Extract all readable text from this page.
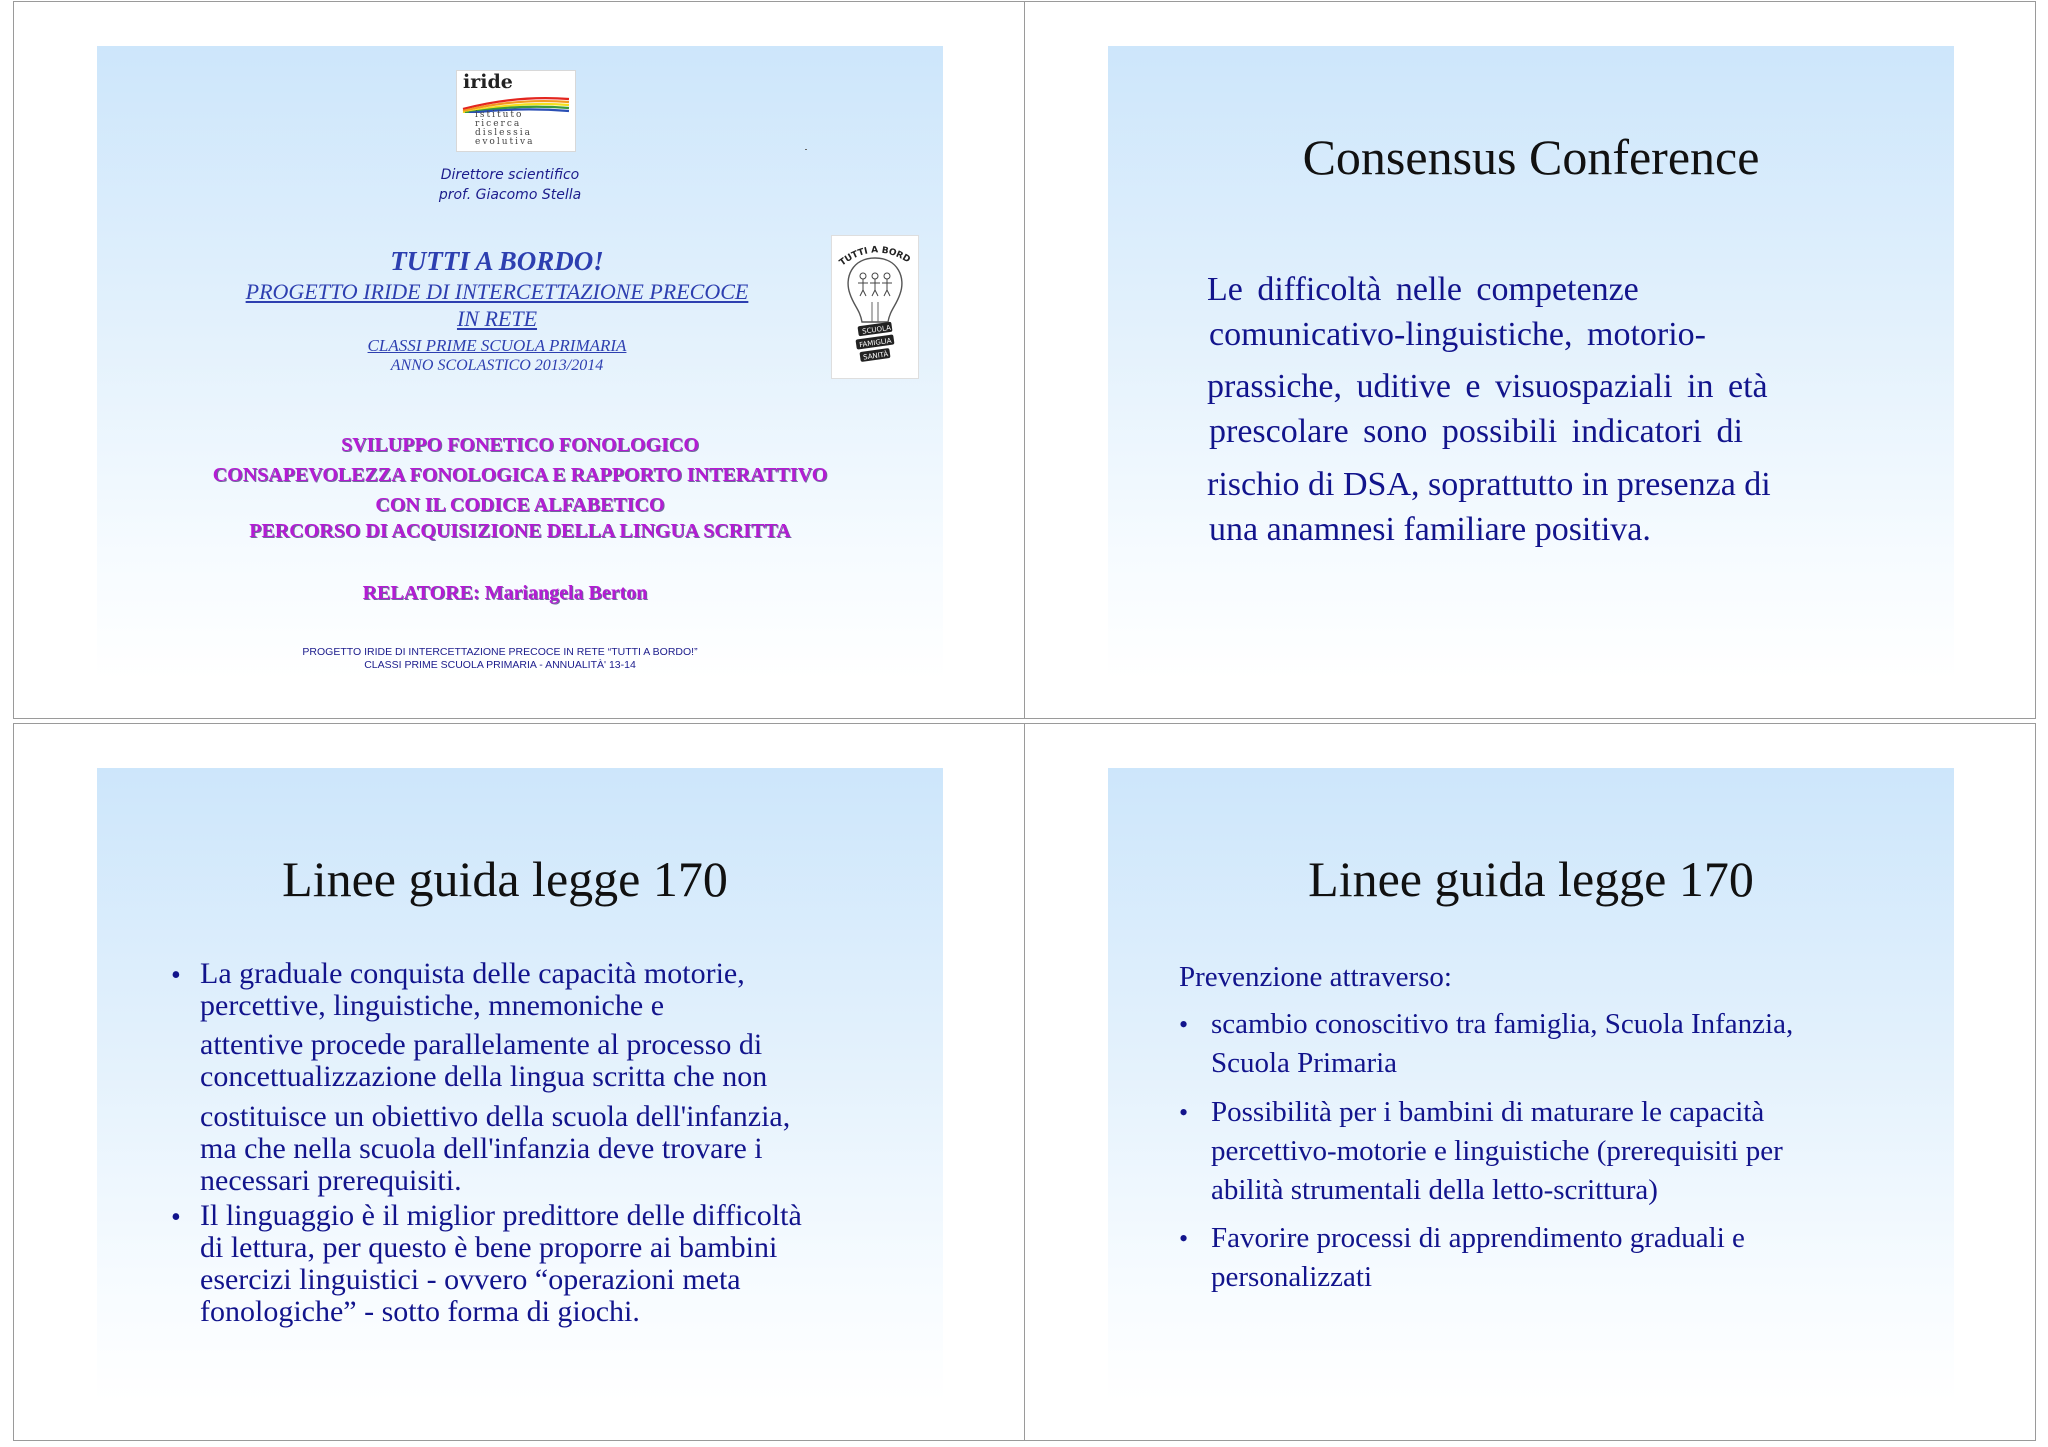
iride
istituto
ricerca
dislessia
evolutiva
Direttore scientifico
prof. Giacomo Stella
TUTTI A BORDO!
PROGETTO IRIDE DI INTERCETTAZIONE PRECOCE
IN RETE
CLASSI PRIME SCUOLA PRIMARIA
ANNO SCOLASTICO 2013/2014
TUTTI A BORD
SCUOLA
FAMIGLIA
SANITÀ
SVILUPPO FONETICO FONOLOGICO
CONSAPEVOLEZZA FONOLOGICA E RAPPORTO INTERATTIVO
CON IL CODICE ALFABETICO
PERCORSO DI ACQUISIZIONE DELLA LINGUA SCRITTA
RELATORE: Mariangela Berton
PROGETTO IRIDE DI INTERCETTAZIONE PRECOCE IN RETE “TUTTI A BORDO!”
CLASSI PRIME SCUOLA PRIMARIA - ANNUALITÀ' 13-14
Consensus Conference
Le difficoltà nelle competenze
comunicativo-linguistiche, motorio-
prassiche, uditive e visuospaziali in età
prescolare sono possibili indicatori di
rischio di DSA, soprattutto in presenza di
una anamnesi familiare positiva.
Linee guida legge 170
• La graduale conquista delle capacità motorie,
percettive, linguistiche, mnemoniche e
attentive procede parallelamente al processo di
concettualizzazione della lingua scritta che non
costituisce un obiettivo della scuola dell'infanzia,
ma che nella scuola dell'infanzia deve trovare i
necessari prerequisiti.
• Il linguaggio è il miglior predittore delle difficoltà
di lettura, per questo è bene proporre ai bambini
esercizi linguistici - ovvero “operazioni meta
fonologiche” - sotto forma di giochi.
Linee guida legge 170
Prevenzione attraverso:
• scambio conoscitivo tra famiglia, Scuola Infanzia,
Scuola Primaria
• Possibilità per i bambini di maturare le capacità
percettivo-motorie e linguistiche (prerequisiti per
abilità strumentali della letto-scrittura)
• Favorire processi di apprendimento graduali e
personalizzati
